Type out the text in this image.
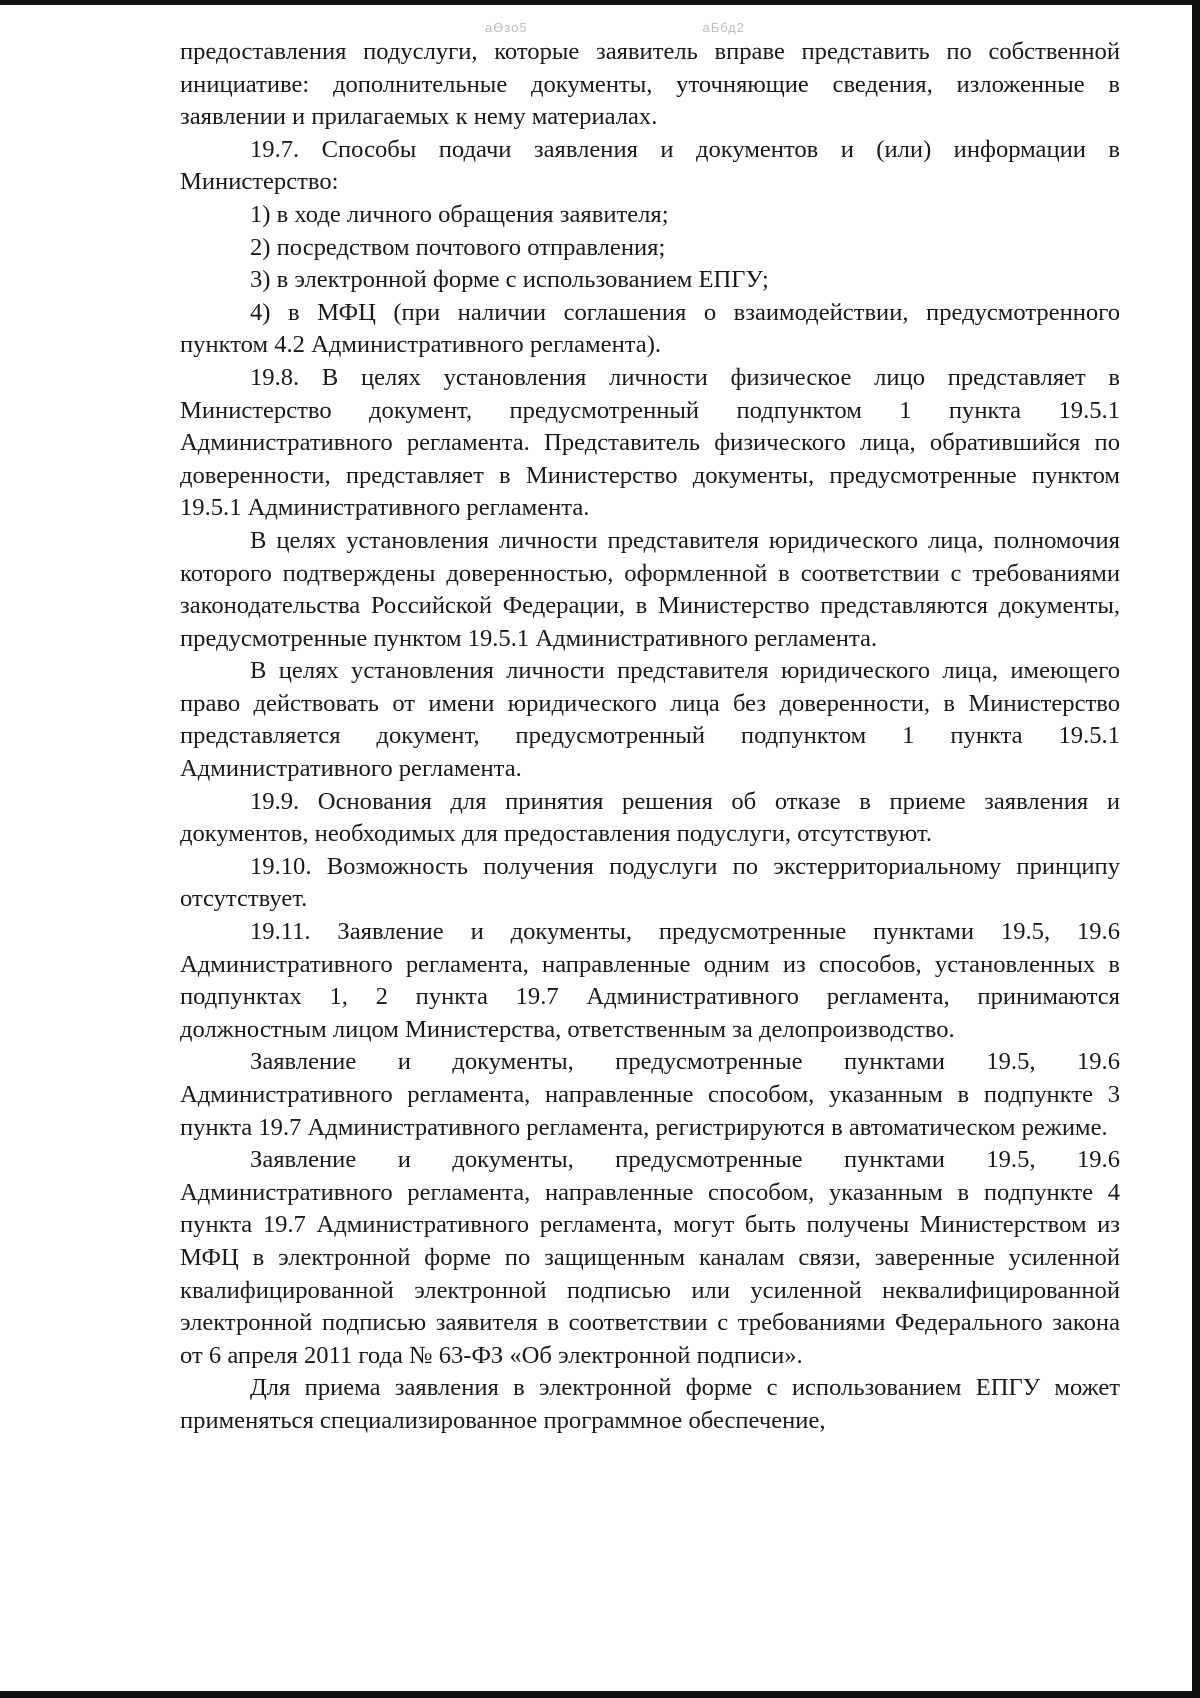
аӨзо5	аБбд2

предоставления подуслуги, которые заявитель вправе представить по собственной инициативе: дополнительные документы, уточняющие сведения, изложенные в заявлении и прилагаемых к нему материалах.

19.7. Способы подачи заявления и документов и (или) информации в Министерство:

1) в ходе личного обращения заявителя;

2) посредством почтового отправления;

3) в электронной форме с использованием ЕПГУ;

4) в МФЦ (при наличии соглашения о взаимодействии, предусмотренного пунктом 4.2 Административного регламента).

19.8. В целях установления личности физическое лицо представляет в Министерство документ, предусмотренный подпунктом 1 пункта 19.5.1 Административного регламента. Представитель физического лица, обратившийся по доверенности, представляет в Министерство документы, предусмотренные пунктом 19.5.1 Административного регламента.

В целях установления личности представителя юридического лица, полномочия которого подтверждены доверенностью, оформленной в соответствии с требованиями законодательства Российской Федерации, в Министерство представляются документы, предусмотренные пунктом 19.5.1 Административного регламента.

В целях установления личности представителя юридического лица, имеющего право действовать от имени юридического лица без доверенности, в Министерство представляется документ, предусмотренный подпунктом 1 пункта 19.5.1 Административного регламента.

19.9. Основания для принятия решения об отказе в приеме заявления и документов, необходимых для предоставления подуслуги, отсутствуют.

19.10. Возможность получения подуслуги по экстерриториальному принципу отсутствует.

19.11. Заявление и документы, предусмотренные пунктами 19.5, 19.6 Административного регламента, направленные одним из способов, установленных в подпунктах 1, 2 пункта 19.7 Административного регламента, принимаются должностным лицом Министерства, ответственным за делопроизводство.

Заявление и документы, предусмотренные пунктами 19.5, 19.6 Административного регламента, направленные способом, указанным в подпункте 3 пункта 19.7 Административного регламента, регистрируются в автоматическом режиме.

Заявление и документы, предусмотренные пунктами 19.5, 19.6 Административного регламента, направленные способом, указанным в подпункте 4 пункта 19.7 Административного регламента, могут быть получены Министерством из МФЦ в электронной форме по защищенным каналам связи, заверенные усиленной квалифицированной электронной подписью или усиленной неквалифицированной электронной подписью заявителя в соответствии с требованиями Федерального закона от 6 апреля 2011 года № 63-ФЗ «Об электронной подписи».

Для приема заявления в электронной форме с использованием ЕПГУ может применяться специализированное программное обеспечение,
